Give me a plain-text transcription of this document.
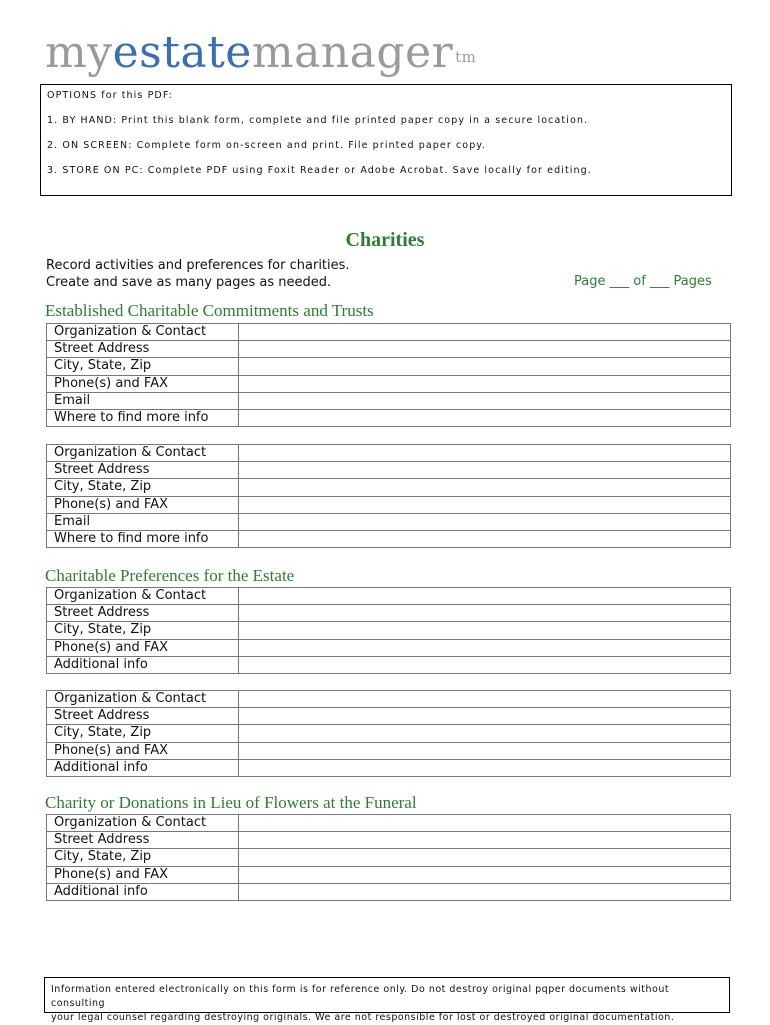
myestatemanager $^{tm}$
OPTIONS for this PDF:
1. BY HAND: Print this blank form, complete and file printed paper copy in a secure location.
2. ON SCREEN: Complete form on-screen and print. File printed paper copy.
3. STORE ON PC: Complete PDF using Foxit Reader or Adobe Acrobat. Save locally for editing.
Charities
Record activities and preferences for charities.
Create and save as many pages as needed.	Page ___ of ___ Pages
Established Charitable Commitments and Trusts
Organization & Contact	
Street Address	
City, State, Zip	
Phone(s) and FAX	
Email	
Where to find more info	
Organization & Contact	
Street Address	
City, State, Zip	
Phone(s) and FAX	
Email	
Where to find more info	
Charitable Preferences for the Estate
Organization & Contact	
Street Address	
City, State, Zip	
Phone(s) and FAX	
Additional info	
Organization & Contact	
Street Address	
City, State, Zip	
Phone(s) and FAX	
Additional info	
Charity or Donations in Lieu of Flowers at the Funeral
Organization & Contact	
Street Address	
City, State, Zip	
Phone(s) and FAX	
Additional info	
Information entered electronically on this form is for reference only. Do not destroy original pqper documents without consulting
your legal counsel regarding destroying originals. We are not responsible for lost or destroyed original documentation.
